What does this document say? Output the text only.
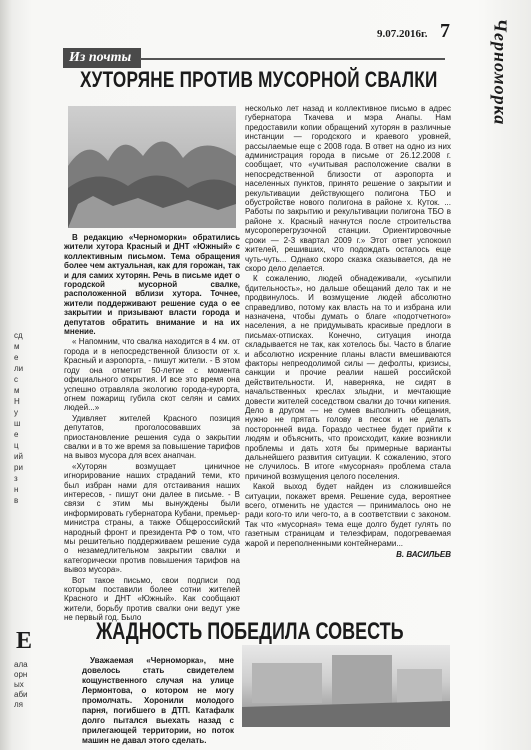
9.07.2016г. 7 Черноморка
Из почты
ХУТОРЯНЕ ПРОТИВ МУСОРНОЙ СВАЛКИ

В редакцию «Черноморки» обратились жители хутора Красный и ДНТ «Южный» с коллективным письмом. Тема обращения более чем актуальная, как для горожан, так и для самих хуторян. Речь в письме идет о городской мусорной свалке, расположенной вблизи хутора. Точнее, жители поддерживают решение суда о ее закрытии и призывают власти города и депутатов обратить внимание и на их мнение.

« Напомним, что свалка находится в 4 км. от города и в непосредственной близости от х. Красный и аэропорта, - пишут жители. - В этом году она отметит 50-летие с момента официального открытия. И все это время она успешно отравляла экологию города-курорта, огнем пожарищ губила скот селян и самих людей...»

Удивляет жителей Красного позиция депутатов, проголосовавших за приостановление решения суда о закрытии свалки и в то же время за повышение тарифов на вывоз мусора для всех анапчан.

«Хуторян возмущает циничное игнорирование наших страданий теми, кто был избран нами для отстаивания наших интересов, - пишут они далее в письме. - В связи с этим мы вынуждены были информировать губернатора Кубани, премьер-министра страны, а также Общероссийский народный фронт и президента РФ о том, что мы решительно поддерживаем решение суда о незамедлительном закрытии свалки и категорически против повышения тарифов на вывоз мусора».

Вот такое письмо, свои подписи под которым поставили более сотни жителей Красного и ДНТ «Южный». Как сообщают жители, борьбу против свалки они ведут уже не первый год. Было

несколько лет назад и коллективное письмо в адрес губернатора Ткачева и мэра Анапы. Нам предоставили копии обращений хуторян в различные инстанции — городского и краевого уровней, рассылаемые еще с 2008 года. В ответ на одно из них администрация города в письме от 26.12.2008 г. сообщает, что «учитывая расположение свалки в непосредственной близости от аэропорта и населенных пунктов, принято решение о закрытии и рекультивации действующего полигона ТБО и обустройстве нового полигона в районе х. Куток. ... Работы по закрытию и рекультивации полигона ТБО в районе х. Красный начнутся после строительства мусороперегрузочной станции. Ориентировочные сроки — 2-3 квартал 2009 г.» Этот ответ успокоил жителей, решивших, что подождать осталось еще чуть-чуть... Однако скоро сказка сказывается, да не скоро дело делается.

К сожалению, людей обнадеживали, «усыпили бдительность», но дальше обещаний дело так и не продвинулось. И возмущение людей абсолютно справедливо, потому как власть на то и избрана или назначена, чтобы думать о благе «подотчетного» населения, а не придумывать красивые предлоги в письмах-отписках. Конечно, ситуация иногда складывается не так, как хотелось бы. Часто в благие и абсолютно искренние планы власти вмешиваются факторы непреодолимой силы — дефолты, кризисы, санкции и прочие реалии нашей российской действительности. И, наверняка, не сидят в начальственных креслах злыдни, и мечтающие довести жителей соседством свалки до точки кипения. Дело в другом — не сумев выполнить обещания, нужно не прятать голову в песок и не делать посторонней вида. Гораздо честнее будет прийти к людям и объяснить, что происходит, какие возникли проблемы и дать хотя бы примерные варианты дальнейшего развития ситуации. К сожалению, этого не случилось. В итоге «мусорная» проблема стала причиной возмущения целого поселения.

Какой выход будет найден из сложившейся ситуации, покажет время. Решение суда, вероятнее всего, отменить не удастся — принималось оно не ради кого-то или чего-то, а в соответствии с законом. Так что «мусорная» тема еще долго будет гулять по газетным страницам и телеэфирам, подогреваемая жарой и переполненными контейнерами...

В. ВАСИЛЬЕВ
сд
м
е
ли
с
м
Н
у
ш
е
ц
ий
ри
з
н
в
Е
ала
орн
ых
аби
ля
ЖАДНОСТЬ ПОБЕДИЛА СОВЕСТЬ

Уважаемая «Черноморка», мне довелось стать свидетелем кощунственного случая на улице Лермонтова, о котором не могу промолчать. Хоронили молодого парня, погибшего в ДТП. Катафалк долго пытался выехать назад с прилегающей территории, но поток машин не давал этого сделать.
